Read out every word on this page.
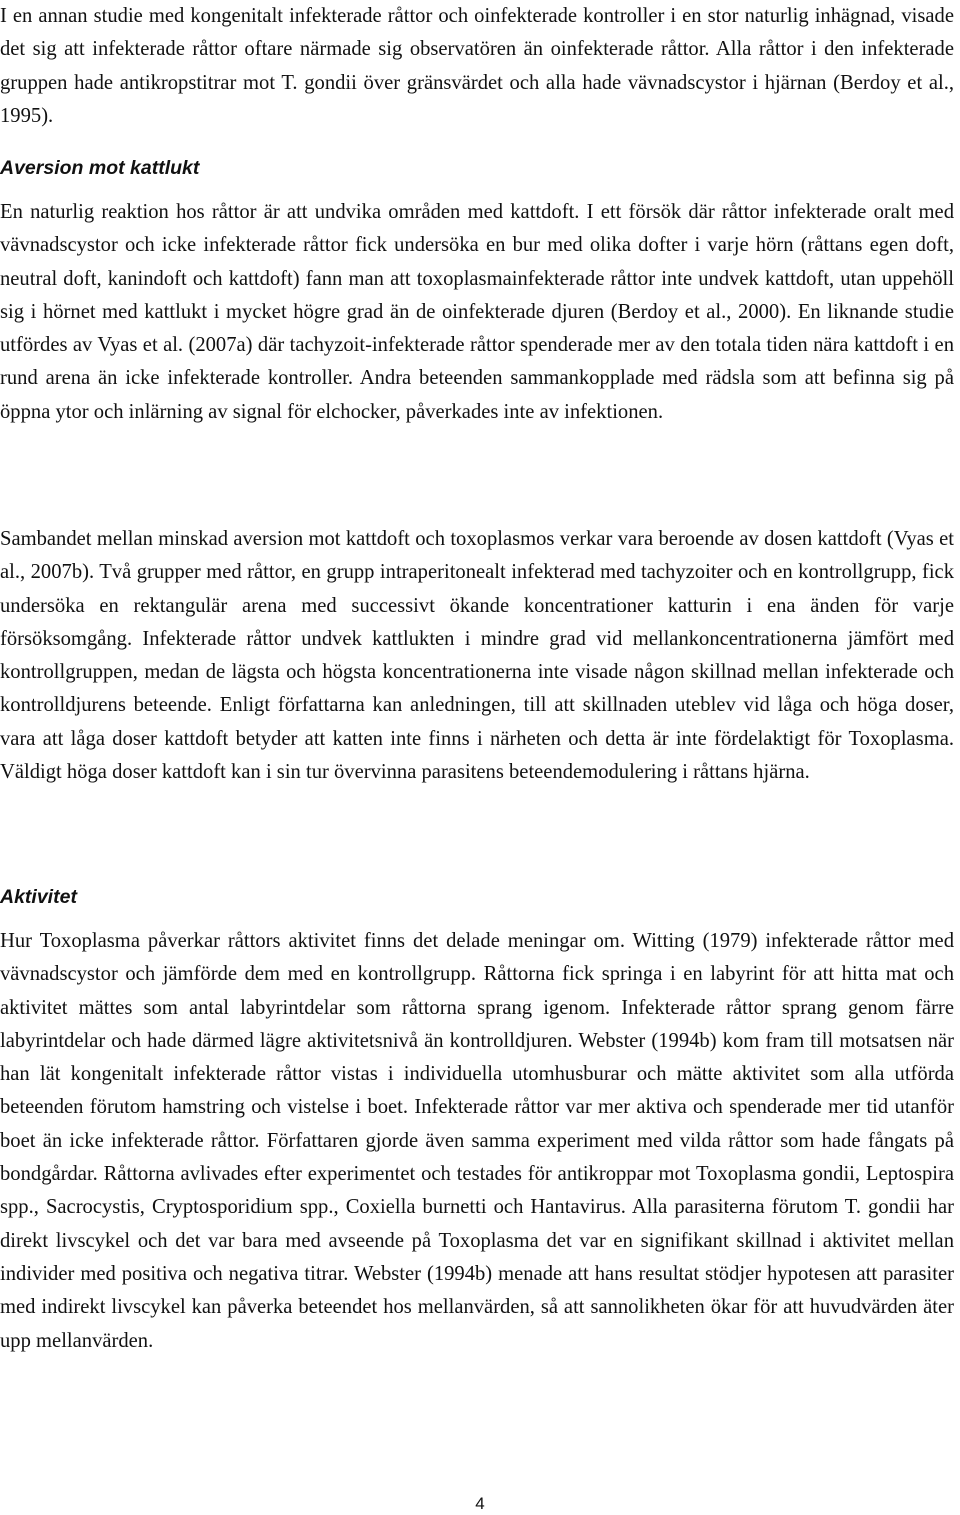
I en annan studie med kongenitalt infekterade råttor och oinfekterade kontroller i en stor naturlig inhägnad, visade det sig att infekterade råttor oftare närmade sig observatören än oinfekterade råttor. Alla råttor i den infekterade gruppen hade antikropstitrar mot T. gondii över gränsvärdet och alla hade vävnadscystor i hjärnan (Berdoy et al., 1995).

Aversion mot kattlukt

En naturlig reaktion hos råttor är att undvika områden med kattdoft. I ett försök där råttor infekterade oralt med vävnadscystor och icke infekterade råttor fick undersöka en bur med olika dofter i varje hörn (råttans egen doft, neutral doft, kanindoft och kattdoft) fann man att toxoplasmainfekterade råttor inte undvek kattdoft, utan uppehöll sig i hörnet med kattlukt i mycket högre grad än de oinfekterade djuren (Berdoy et al., 2000). En liknande studie utfördes av Vyas et al. (2007a) där tachyzoit-infekterade råttor spenderade mer av den totala tiden nära kattdoft i en rund arena än icke infekterade kontroller. Andra beteenden sammankopplade med rädsla som att befinna sig på öppna ytor och inlärning av signal för elchocker, påverkades inte av infektionen.

Sambandet mellan minskad aversion mot kattdoft och toxoplasmos verkar vara beroende av dosen kattdoft (Vyas et al., 2007b). Två grupper med råttor, en grupp intraperitonealt infekterad med tachyzoiter och en kontrollgrupp, fick undersöka en rektangulär arena med successivt ökande koncentrationer katturin i ena änden för varje försöksomgång. Infekterade råttor undvek kattlukten i mindre grad vid mellankoncentrationerna jämfört med kontrollgruppen, medan de lägsta och högsta koncentrationerna inte visade någon skillnad mellan infekterade och kontrolldjurens beteende. Enligt författarna kan anledningen, till att skillnaden uteblev vid låga och höga doser, vara att låga doser kattdoft betyder att katten inte finns i närheten och detta är inte fördelaktigt för Toxoplasma. Väldigt höga doser kattdoft kan i sin tur övervinna parasitens beteendemodulering i råttans hjärna.

Aktivitet

Hur Toxoplasma påverkar råttors aktivitet finns det delade meningar om. Witting (1979) infekterade råttor med vävnadscystor och jämförde dem med en kontrollgrupp. Råttorna fick springa i en labyrint för att hitta mat och aktivitet mättes som antal labyrintdelar som råttorna sprang igenom. Infekterade råttor sprang genom färre labyrintdelar och hade därmed lägre aktivitetsnivå än kontrolldjuren. Webster (1994b) kom fram till motsatsen när han lät kongenitalt infekterade råttor vistas i individuella utomhusburar och mätte aktivitet som alla utförda beteenden förutom hamstring och vistelse i boet. Infekterade råttor var mer aktiva och spenderade mer tid utanför boet än icke infekterade råttor. Författaren gjorde även samma experiment med vilda råttor som hade fångats på bondgårdar. Råttorna avlivades efter experimentet och testades för antikroppar mot Toxoplasma gondii, Leptospira spp., Sacrocystis, Cryptosporidium spp., Coxiella burnetti och Hantavirus. Alla parasiterna förutom T. gondii har direkt livscykel och det var bara med avseende på Toxoplasma det var en signifikant skillnad i aktivitet mellan individer med positiva och negativa titrar. Webster (1994b) menade att hans resultat stödjer hypotesen att parasiter med indirekt livscykel kan påverka beteendet hos mellanvärden, så att sannolikheten ökar för att huvudvärden äter upp mellanvärden.

4
